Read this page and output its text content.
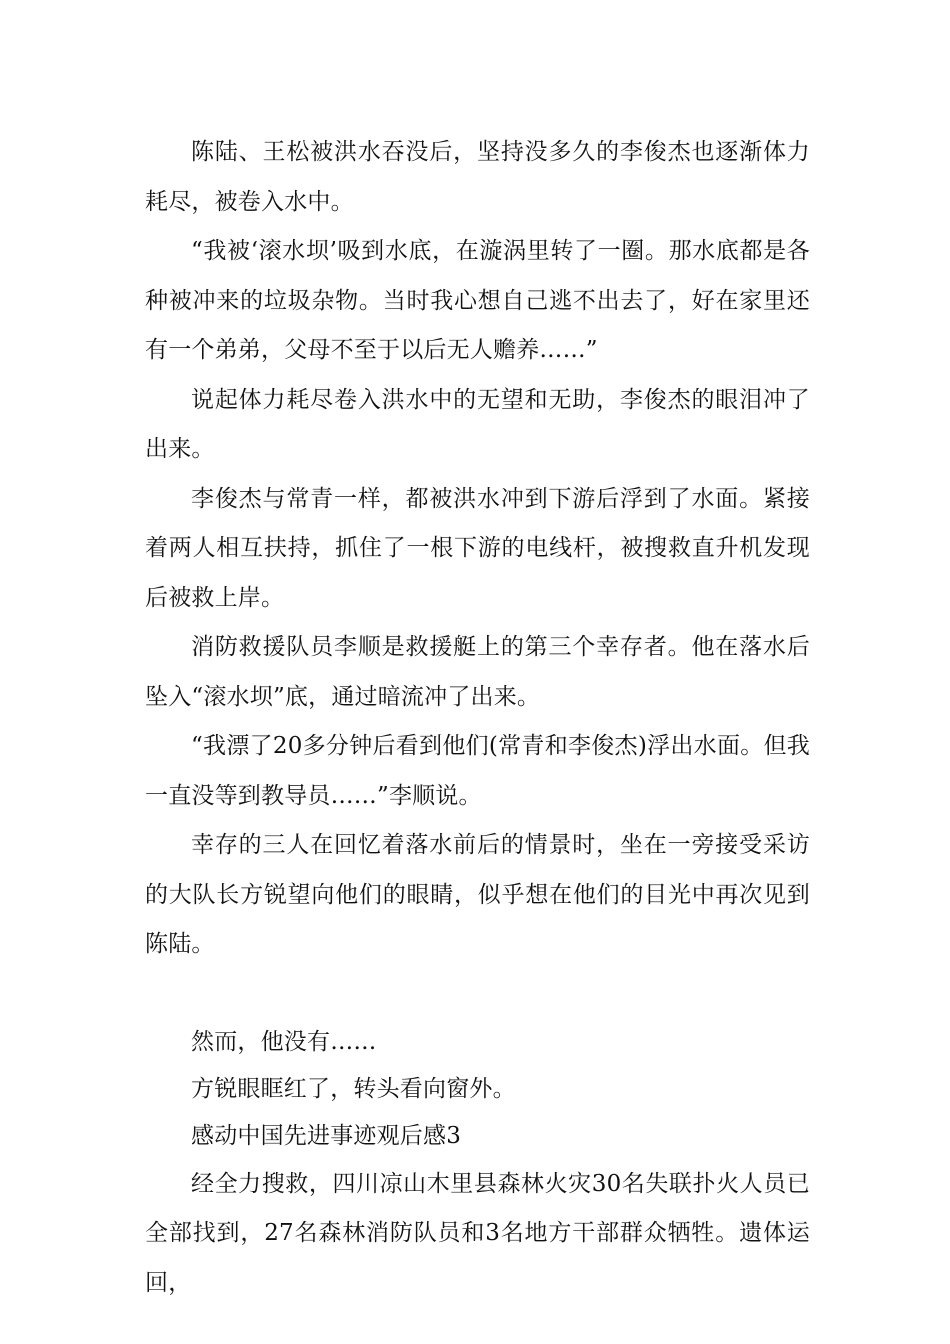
陈陆、王松被洪水吞没后，坚持没多久的李俊杰也逐渐体力耗尽，被卷入水中。

“我被‘滚水坝’吸到水底，在漩涡里转了一圈。那水底都是各种被冲来的垃圾杂物。当时我心想自己逃不出去了，好在家里还有一个弟弟，父母不至于以后无人赡养……”

说起体力耗尽卷入洪水中的无望和无助，李俊杰的眼泪冲了出来。

李俊杰与常青一样，都被洪水冲到下游后浮到了水面。紧接着两人相互扶持，抓住了一根下游的电线杆，被搜救直升机发现后被救上岸。

消防救援队员李顺是救援艇上的第三个幸存者。他在落水后坠入“滚水坝”底，通过暗流冲了出来。

“我漂了20多分钟后看到他们(常青和李俊杰)浮出水面。但我一直没等到教导员……”李顺说。

幸存的三人在回忆着落水前后的情景时，坐在一旁接受采访的大队长方锐望向他们的眼睛，似乎想在他们的目光中再次见到陈陆。

然而，他没有……

方锐眼眶红了，转头看向窗外。

感动中国先进事迹观后感3

经全力搜救，四川凉山木里县森林火灾30名失联扑火人员已全部找到，27名森林消防队员和3名地方干部群众牺牲。遗体运回，
